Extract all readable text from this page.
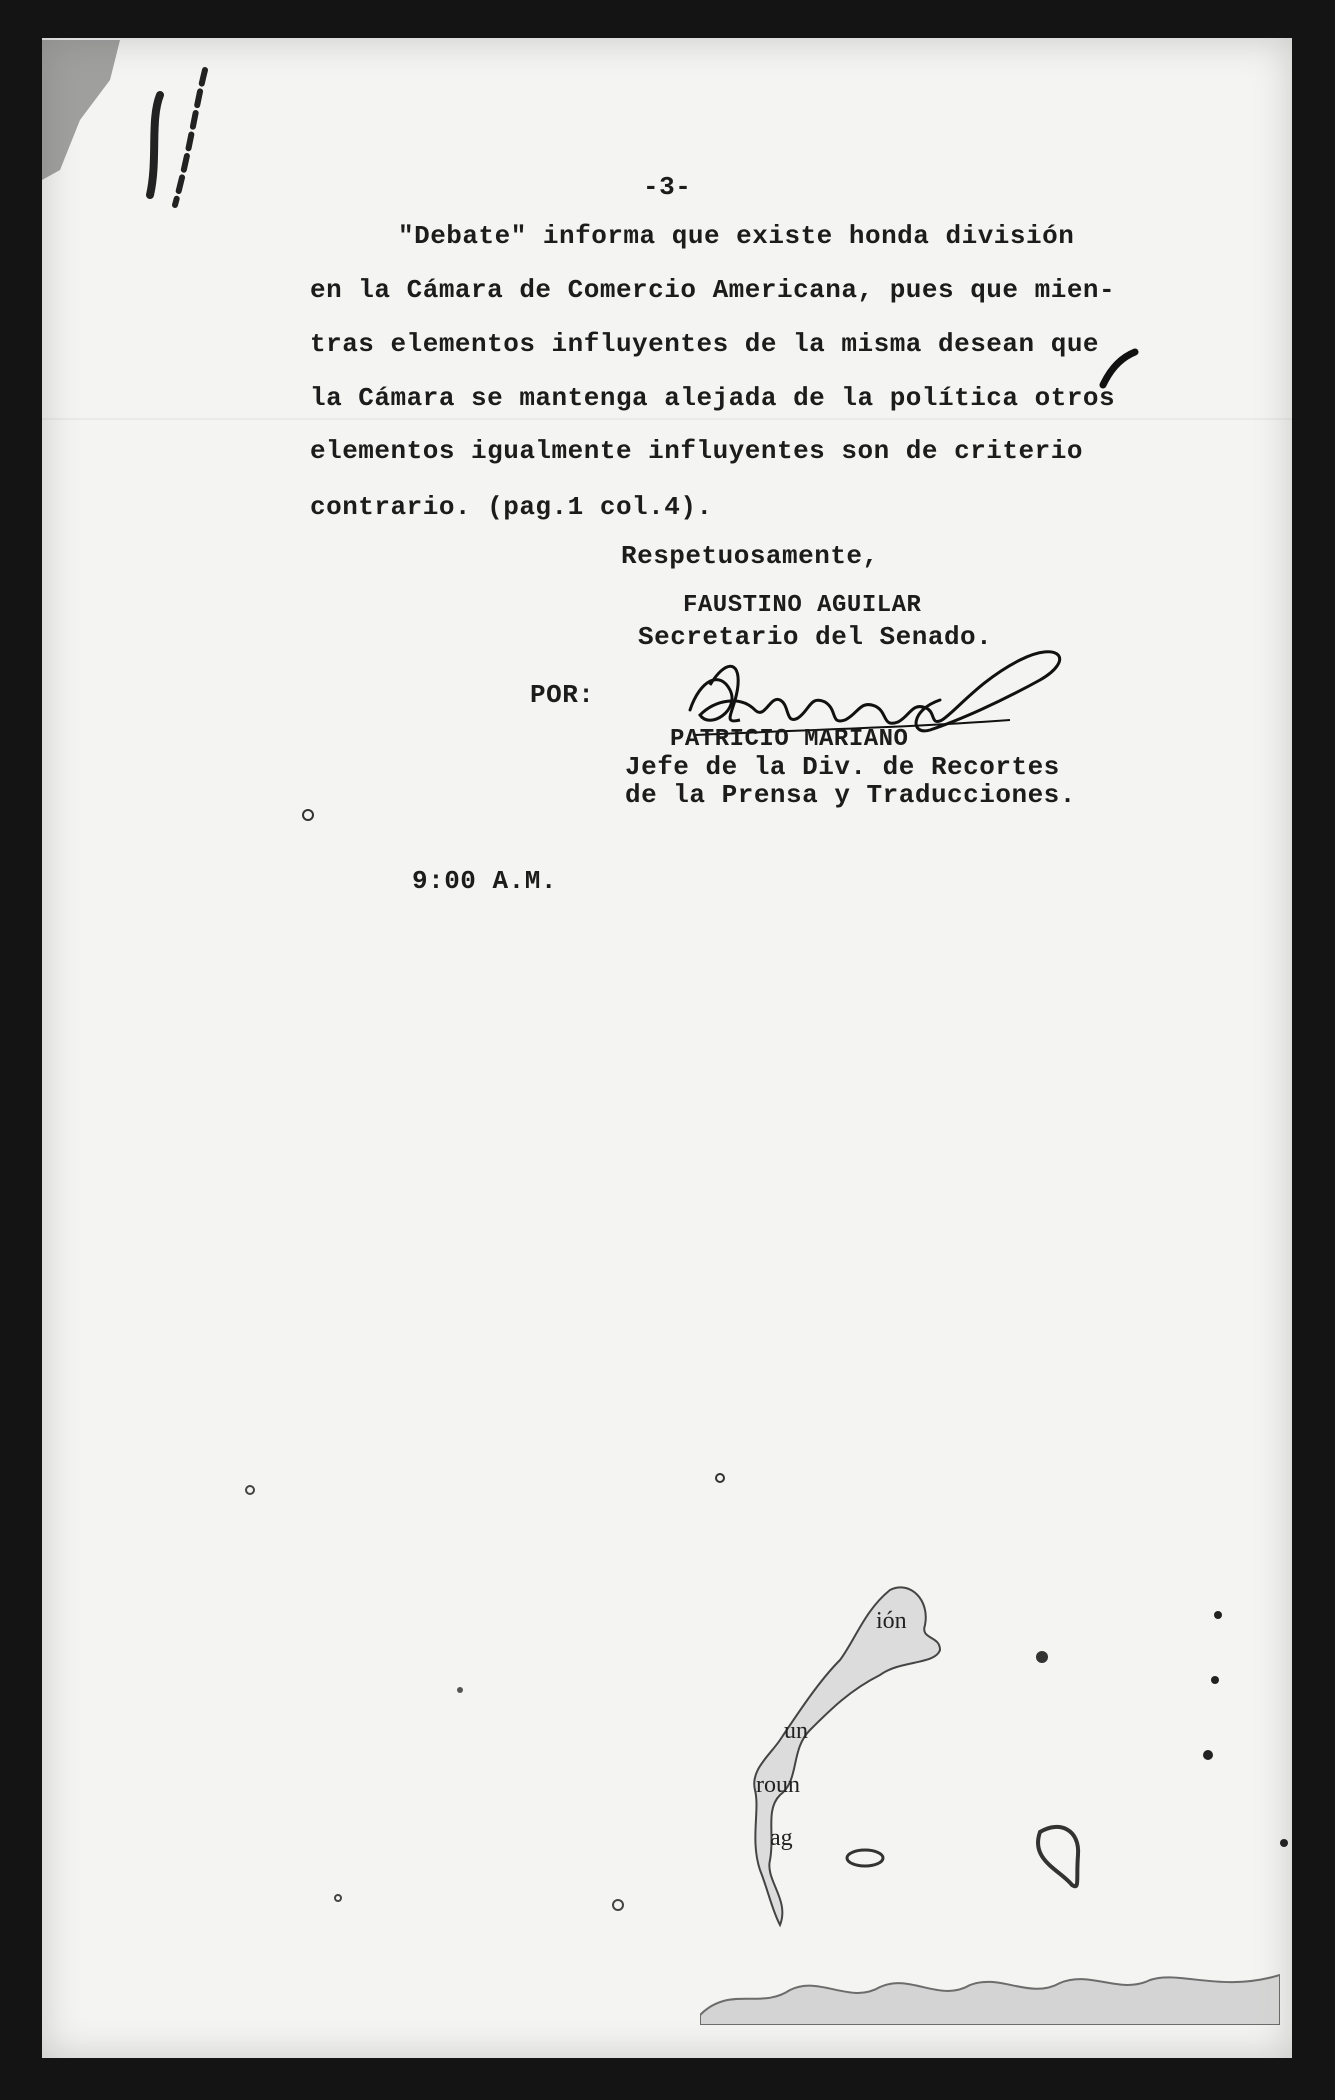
-3-
"Debate" informa que existe honda división
en la Cámara de Comercio Americana, pues que mien-
tras elementos influyentes de la misma desean que
la Cámara se mantenga alejada de la política otros
elementos igualmente influyentes son de criterio
contrario. (pag.1 col.4).
Respetuosamente,
FAUSTINO AGUILAR
Secretario del Senado.
POR:
PATRICIO MARIANO
Jefe de la Div. de Recortes
de la Prensa y Traducciones.
9:00 A.M.
ión
un
roun
ag
